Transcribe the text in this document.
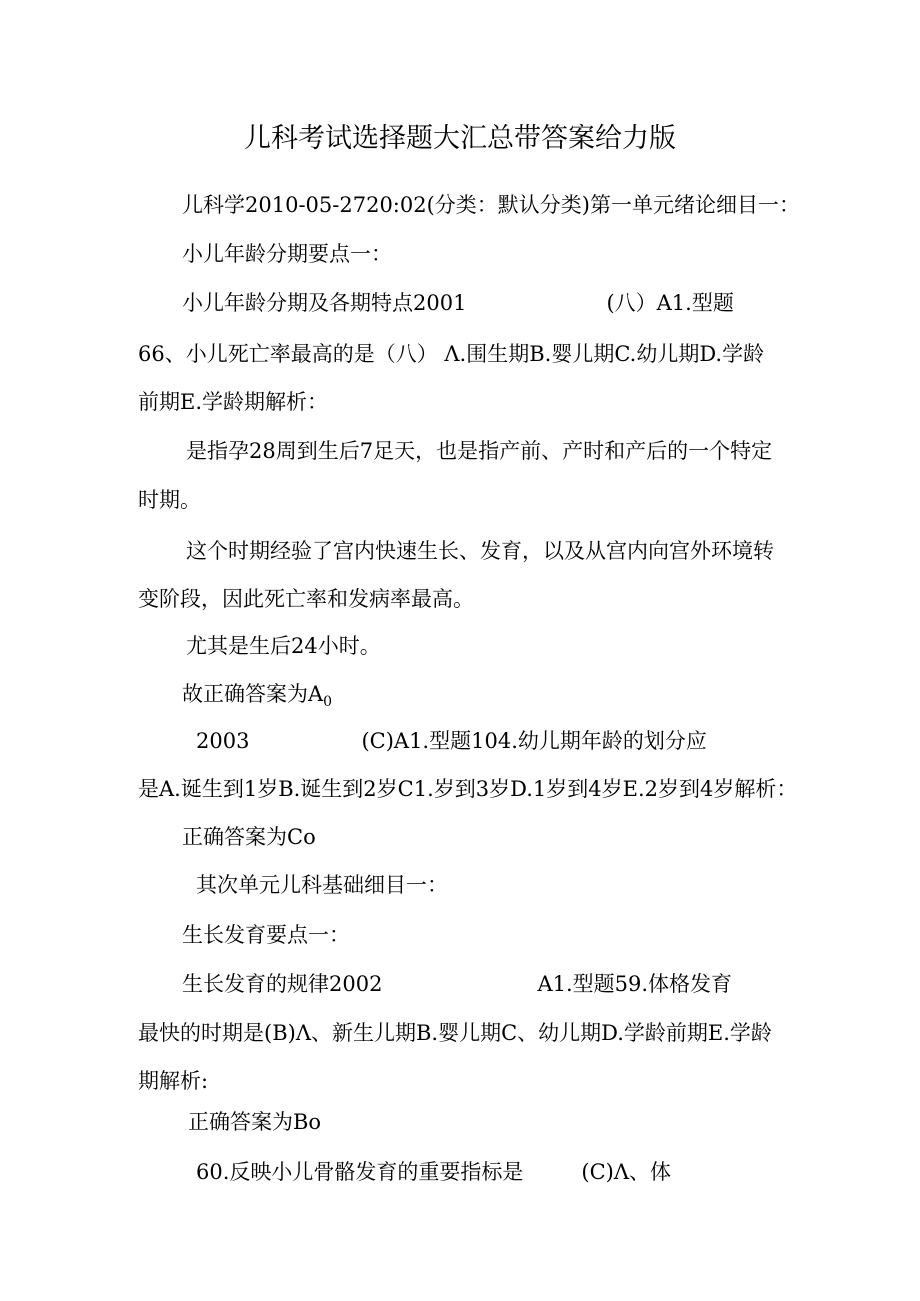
儿科考试选择题大汇总带答案给力版
儿科学2010-05-2720:02(分类：默认分类)第一单元绪论细目一：
小儿年龄分期要点一：
小儿年龄分期及各期特点2001	(八）A1.型题
66、小儿死亡率最高的是（八） Λ.围生期B.婴儿期C.幼儿期D.学龄
前期E.学龄期解析：
是指孕28周到生后7足天，也是指产前、产时和产后的一个特定
时期。
这个时期经验了宫内快速生长、发育，以及从宫内向宫外环境转
变阶段，因此死亡率和发病率最高。
尤其是生后24小时。
故正确答案为$A_0$
2003	(C)A1.型题104.幼儿期年龄的划分应
是A.诞生到1岁B.诞生到2岁C1.岁到3岁D.1岁到4岁E.2岁到4岁解析：
正确答案为Co
其次单元儿科基础细目一：
生长发育要点一：
生长发育的规律2002	A1.型题59.体格发育
最快的时期是(B)Λ、新生儿期B.婴儿期C、幼儿期D.学龄前期E.学龄
期解析:
正确答案为Bo
60.反映小儿骨骼发育的重要指标是	(C)Λ、体
